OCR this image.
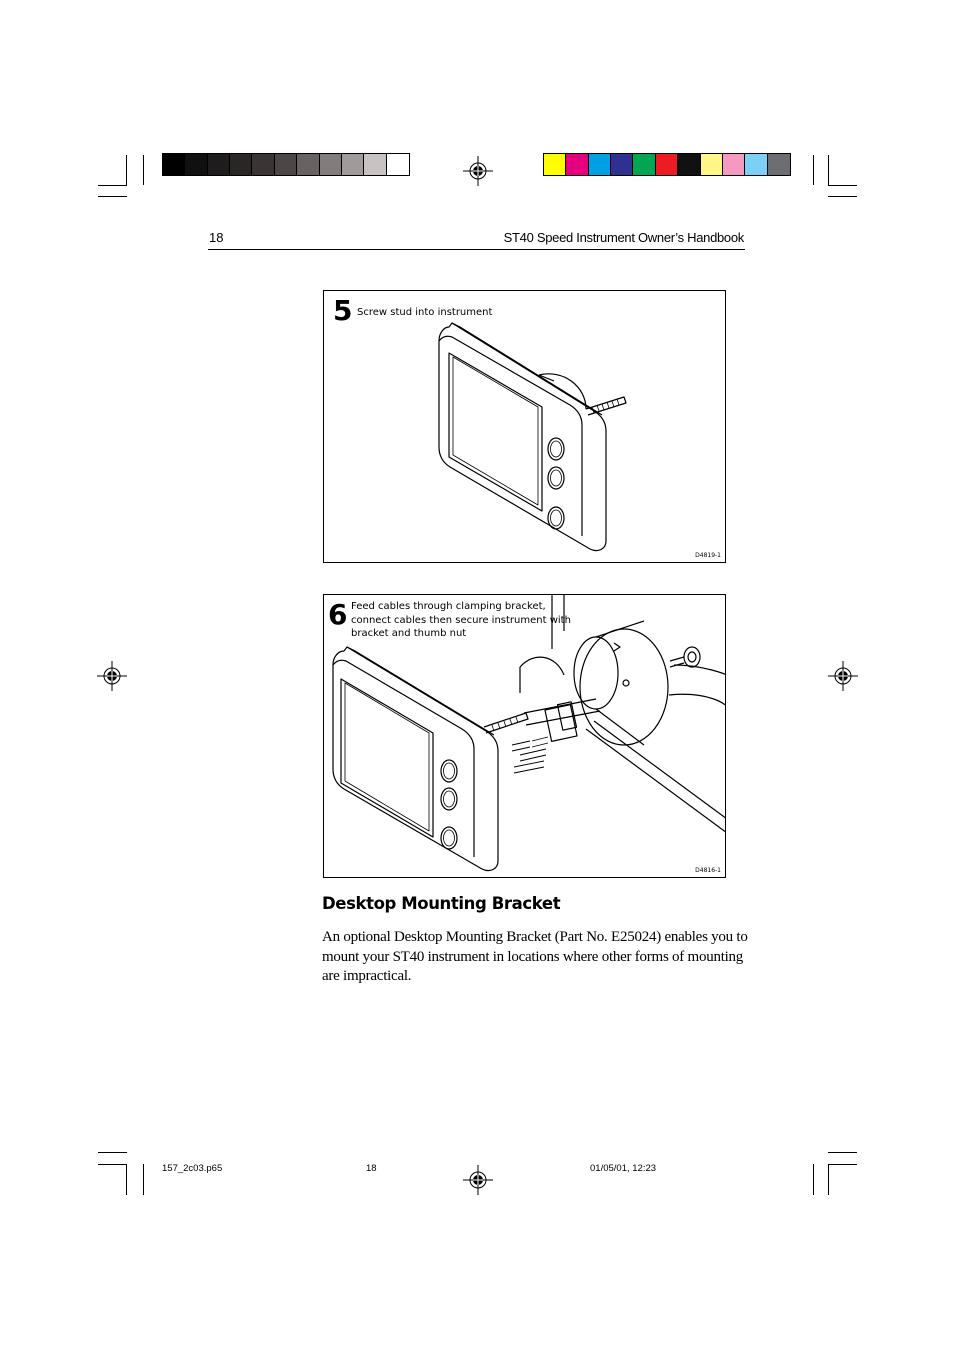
18	ST40 Speed Instrument Owner’s Handbook
5 Screw stud into instrument
D4819-1
6 Feed cables through clamping bracket,
connect cables then secure instrument with
bracket and thumb nut
D4816-1
Desktop Mounting Bracket

An optional Desktop Mounting Bracket (Part No. E25024) enables you to mount your ST40 instrument in locations where other forms of mounting are impractical.

157_2c03.p65	18	01/05/01, 12:23
